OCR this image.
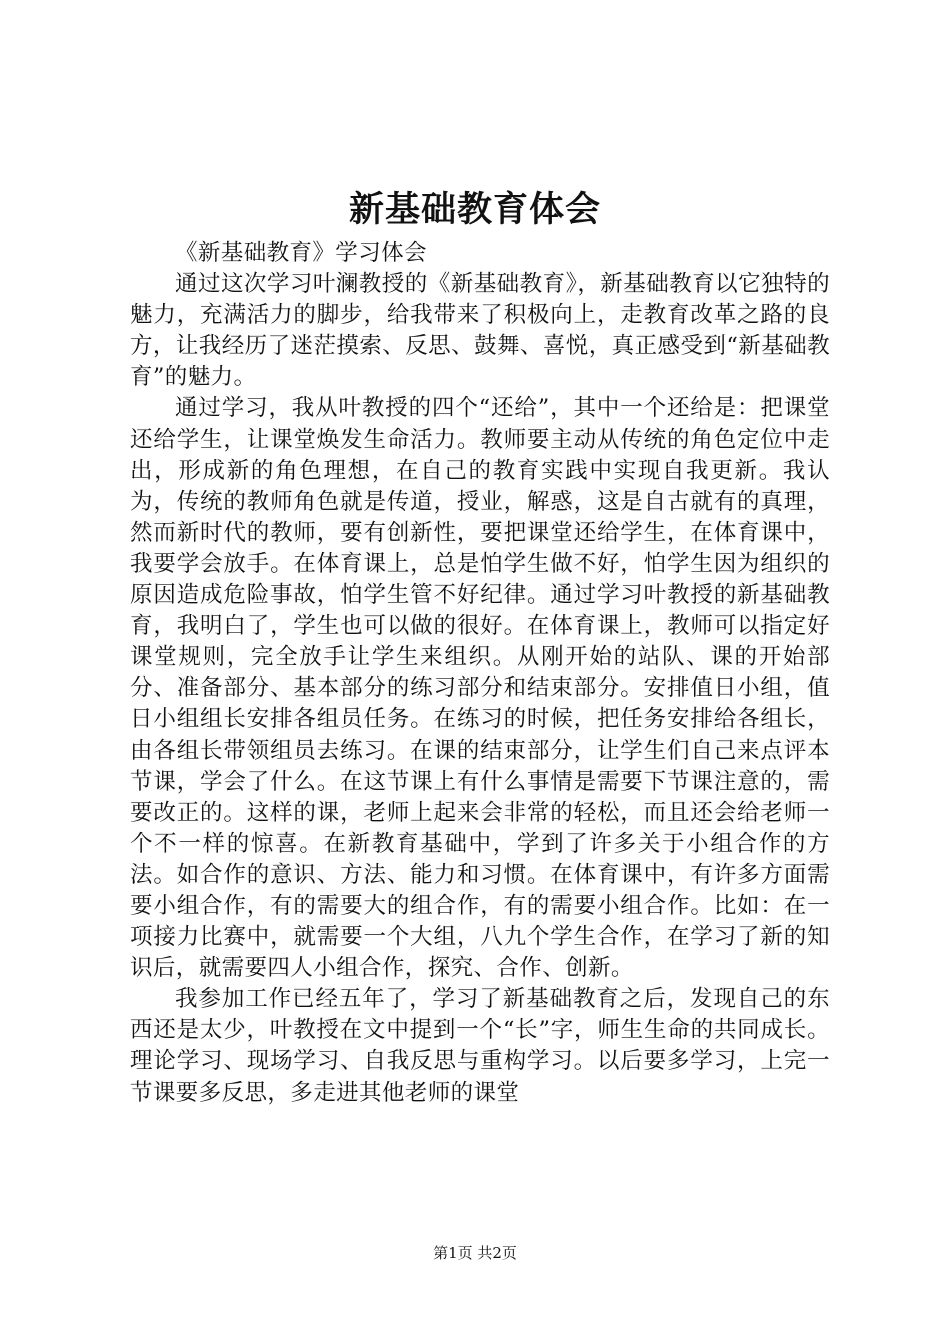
新基础教育体会

《新基础教育》学习体会

通过这次学习叶澜教授的《新基础教育》，新基础教育以它独特的魅力，充满活力的脚步，给我带来了积极向上，走教育改革之路的良方，让我经历了迷茫摸索、反思、鼓舞、喜悦，真正感受到“新基础教育”的魅力。

通过学习，我从叶教授的四个“还给”，其中一个还给是：把课堂还给学生，让课堂焕发生命活力。教师要主动从传统的角色定位中走出，形成新的角色理想，在自己的教育实践中实现自我更新。我认为，传统的教师角色就是传道，授业，解惑，这是自古就有的真理，然而新时代的教师，要有创新性，要把课堂还给学生，在体育课中，我要学会放手。在体育课上，总是怕学生做不好，怕学生因为组织的原因造成危险事故，怕学生管不好纪律。通过学习叶教授的新基础教育，我明白了，学生也可以做的很好。在体育课上，教师可以指定好课堂规则，完全放手让学生来组织。从刚开始的站队、课的开始部分、准备部分、基本部分的练习部分和结束部分。安排值日小组，值日小组组长安排各组员任务。在练习的时候，把任务安排给各组长，由各组长带领组员去练习。在课的结束部分，让学生们自己来点评本节课，学会了什么。在这节课上有什么事情是需要下节课注意的，需要改正的。这样的课，老师上起来会非常的轻松，而且还会给老师一个不一样的惊喜。在新教育基础中，学到了许多关于小组合作的方法。如合作的意识、方法、能力和习惯。在体育课中，有许多方面需要小组合作，有的需要大的组合作，有的需要小组合作。比如：在一项接力比赛中，就需要一个大组，八九个学生合作，在学习了新的知识后，就需要四人小组合作，探究、合作、创新。

我参加工作已经五年了，学习了新基础教育之后，发现自己的东西还是太少，叶教授在文中提到一个“长”字，师生生命的共同成长。理论学习、现场学习、自我反思与重构学习。以后要多学习，上完一节课要多反思，多走进其他老师的课堂

第1页 共2页
